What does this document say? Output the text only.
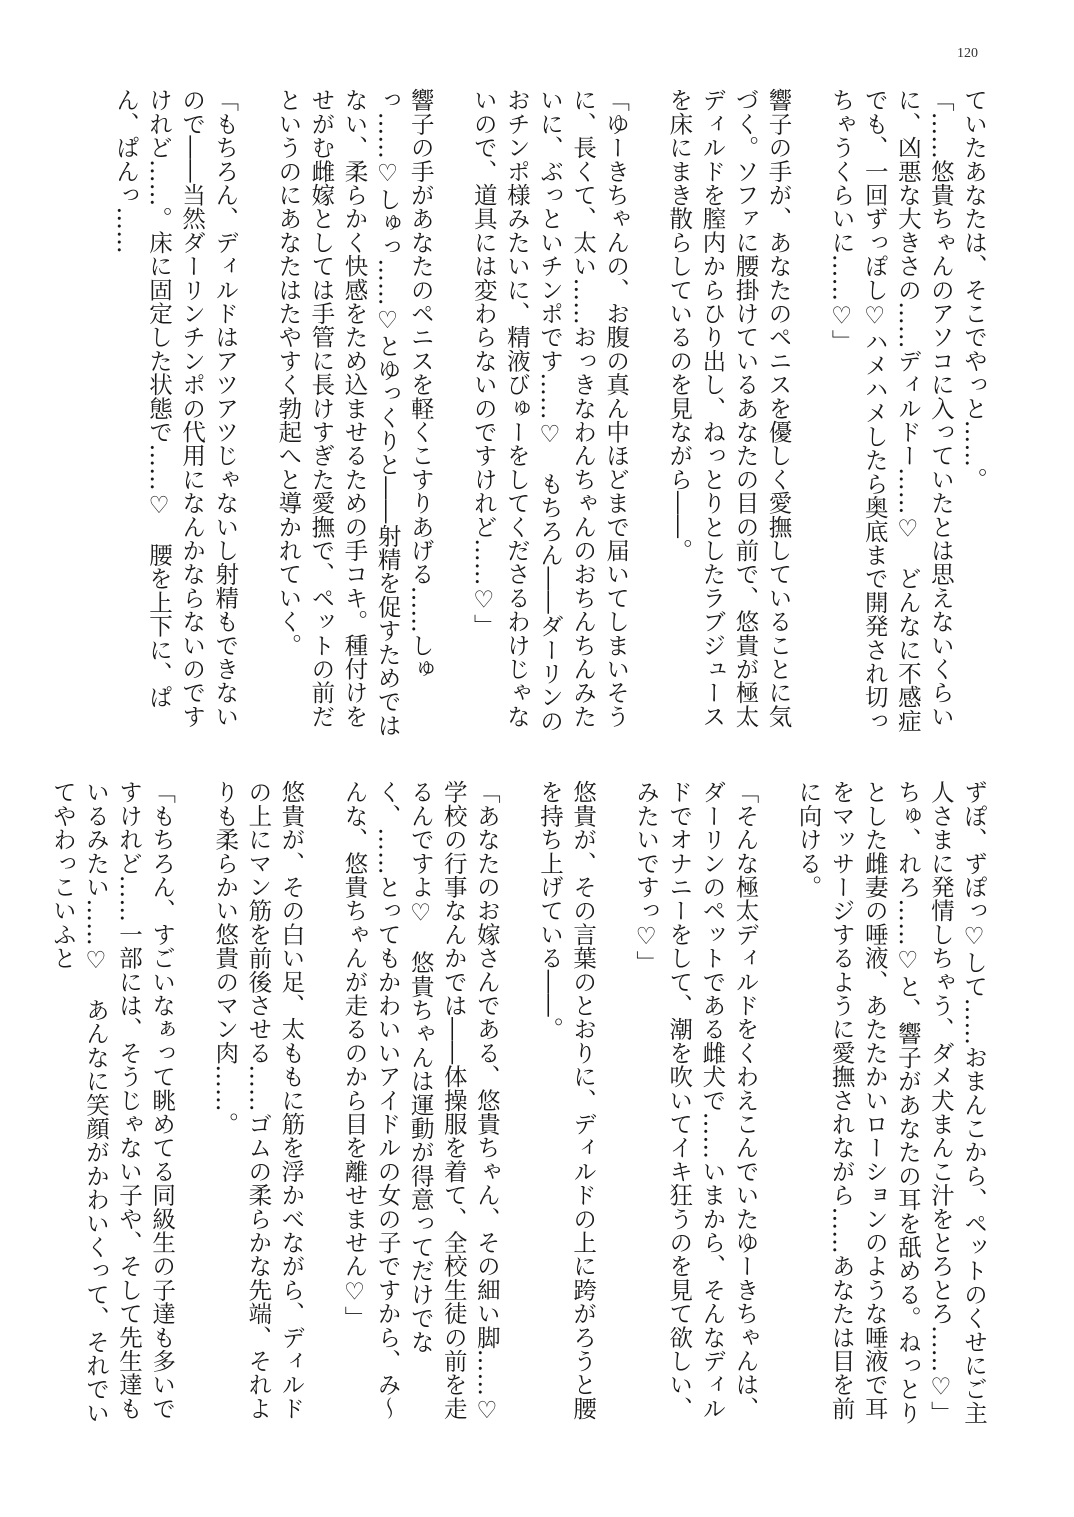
120

ていたあなたは、そこでやっと……。

「……悠貴ちゃんのアソコに入っていたとは思えないくらいに、凶悪な大きさの……ディルドー……♡　どんなに不感症でも、一回ずっぽし♡ハメハメしたら奥底まで開発され切っちゃうくらいに……♡」

響子の手が、あなたのペニスを優しく愛撫していることに気づく。ソファに腰掛けているあなたの目の前で、悠貴が極太ディルドを膣内からひり出し、ねっとりとしたラブジュースを床にまき散らしているのを見ながら――。

「ゆーきちゃんの、お腹の真ん中ほどまで届いてしまいそうに、長くて、太い……おっきなわんちゃんのおちんちんみたいに、ぶっといチンポです……♡　もちろん――ダーリンのおチンポ様みたいに、精液びゅーをしてくださるわけじゃないので、道具には変わらないのですけれど……♡」

響子の手があなたのペニスを軽くこすりあげる……しゅっ……♡しゅっ……♡とゆっくりと――射精を促すためではない、柔らかく快感をため込ませるための手コキ。種付けをせがむ雌嫁としては手管に長けすぎた愛撫で、ペットの前だというのにあなたはたやすく勃起へと導かれていく。

「もちろん、ディルドはアツアツじゃないし射精もできないので――当然ダーリンチンポの代用になんかならないのですけれど……。床に固定した状態で……♡　腰を上下に、ぱん、ぱんっ……

ずぽ、ずぽっ♡して……おまんこから、ペットのくせにご主人さまに発情しちゃう、ダメ犬まんこ汁をとろとろ……♡」

ちゅ、れろ……♡と、響子があなたの耳を舐める。ねっとりとした雌妻の唾液、あたたかいローションのような唾液で耳をマッサージするように愛撫されながら……あなたは目を前に向ける。

「そんな極太ディルドをくわえこんでいたゆーきちゃんは、ダーリンのペットである雌犬で……いまから、そんなディルドでオナニーをして、潮を吹いてイキ狂うのを見て欲しい、みたいですっ♡」

悠貴が、その言葉のとおりに、ディルドの上に跨がろうと腰を持ち上げている――。

「あなたのお嫁さんである、悠貴ちゃん、その細い脚……♡　学校の行事なんかでは――体操服を着て、全校生徒の前を走るんですよ♡　悠貴ちゃんは運動が得意ってだけでなく、……とってもかわいいアイドルの女の子ですから、み～んな、悠貴ちゃんが走るのから目を離せません♡」

悠貴が、その白い足、太ももに筋を浮かべながら、ディルドの上にマン筋を前後させる……ゴムの柔らかな先端、それよりも柔らかい悠貴のマン肉……。

「もちろん、すごいなぁって眺めてる同級生の子達も多いですけれど……一部には、そうじゃない子や、そして先生達もいるみたい……♡　あんなに笑顔がかわいくって、それでいてやわっこいふと
